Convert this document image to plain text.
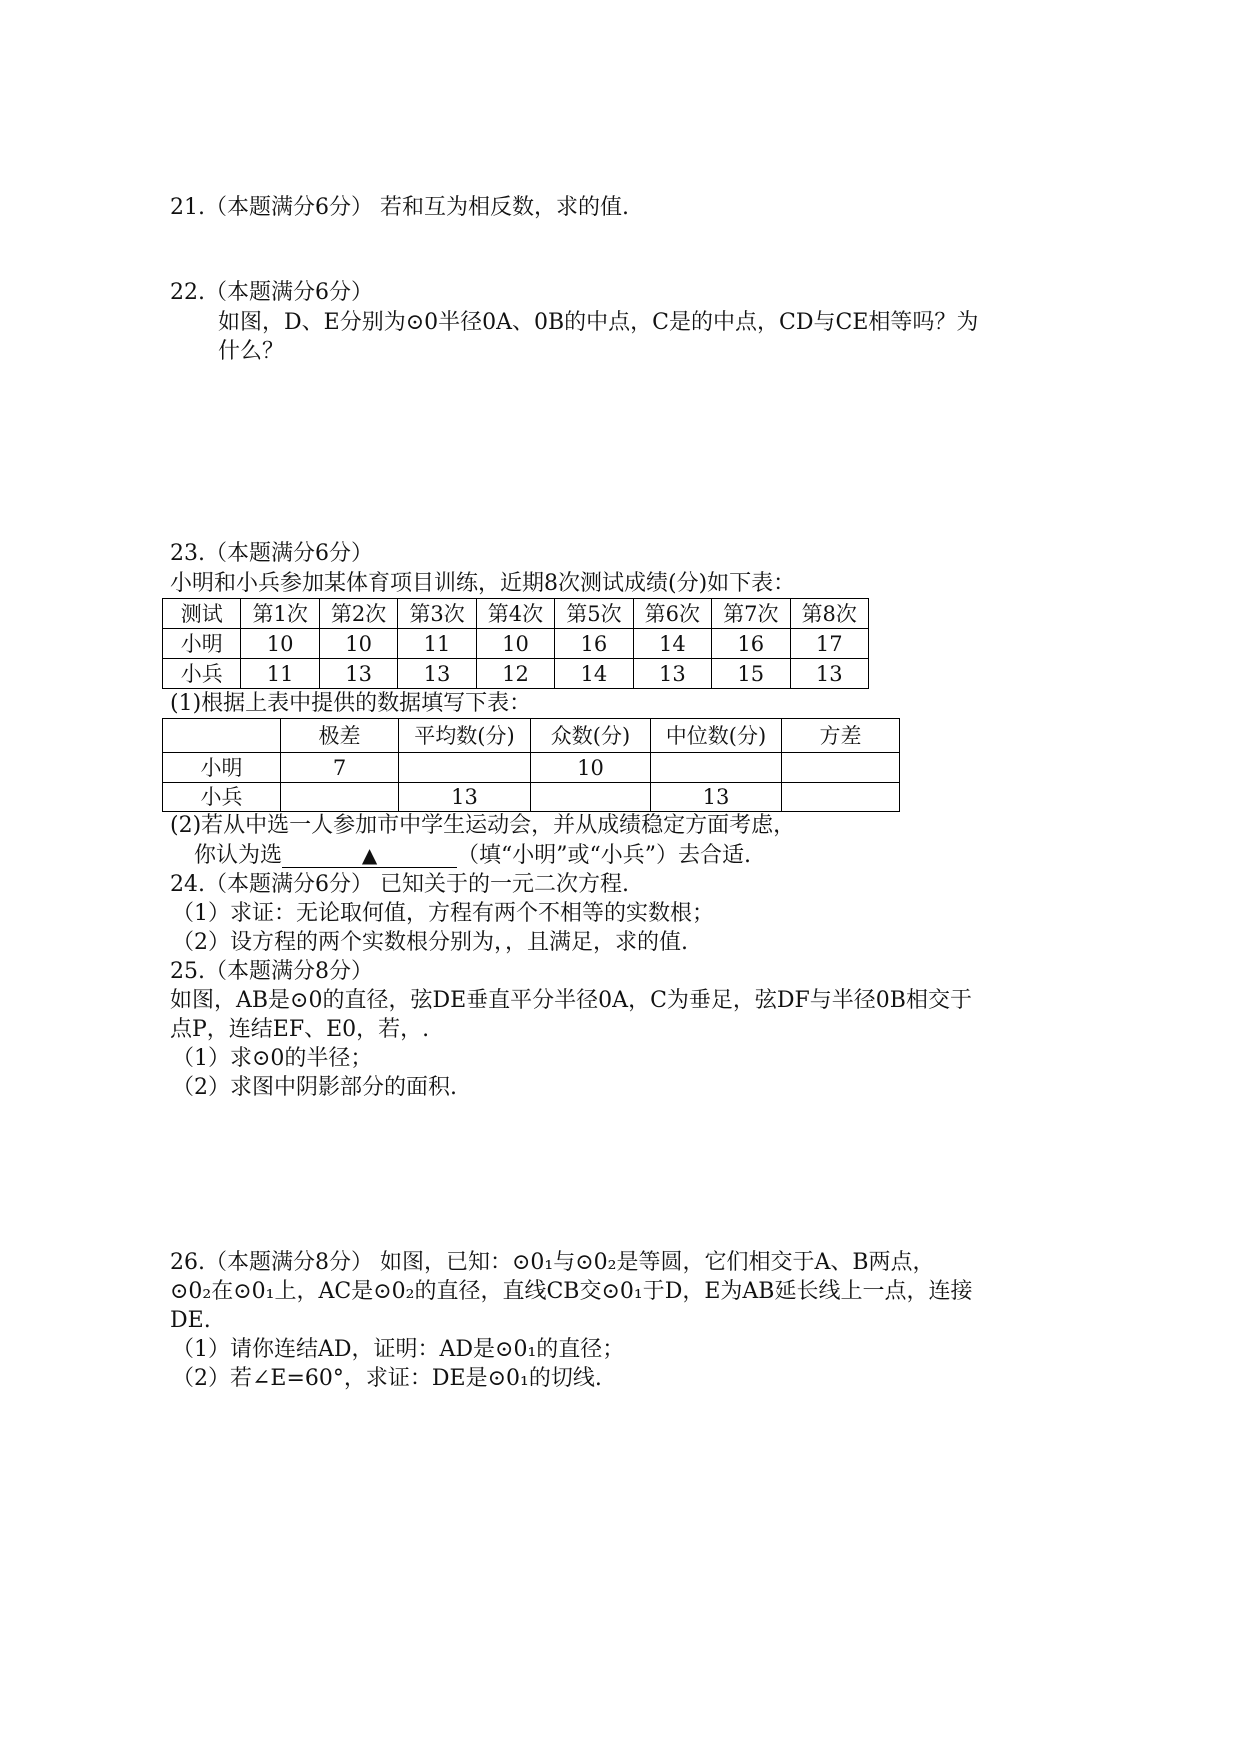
21.（本题满分6分） 若和互为相反数，求的值.
22.（本题满分6分）
如图，D、E分别为⊙0半径0A、0B的中点，C是的中点，CD与CE相等吗？为
什么？
23.（本题满分6分）
小明和小兵参加某体育项目训练，近期8次测试成绩(分)如下表：
测试	第1次	第2次	第3次	第4次	第5次	第6次	第7次	第8次
小明	10	10	11	10	16	14	16	17
小兵	11	13	13	12	14	13	15	13
(1)根据上表中提供的数据填写下表：
	极差	平均数(分)	众数(分)	中位数(分)	方差
小明	7		10		
小兵		13		13	
(2)若从中选一人参加市中学生运动会，并从成绩稳定方面考虑，
你认为选	▲	（填“小明”或“小兵”）去合适.
24.（本题满分6分） 已知关于的一元二次方程.
（1）求证：无论取何值，方程有两个不相等的实数根；
（2）设方程的两个实数根分别为，，且满足，求的值.
25.（本题满分8分）
如图，AB是⊙0的直径，弦DE垂直平分半径0A，C为垂足，弦DF与半径0B相交于
点P，连结EF、E0，若，.
（1）求⊙0的半径；
（2）求图中阴影部分的面积.
26.（本题满分8分） 如图，已知：⊙0₁与⊙0₂是等圆，它们相交于A、B两点，
⊙0₂在⊙0₁上，AC是⊙0₂的直径，直线CB交⊙0₁于D，E为AB延长线上一点，连接
DE.
（1）请你连结AD，证明：AD是⊙0₁的直径；
（2）若∠E=60°，求证：DE是⊙0₁的切线.
